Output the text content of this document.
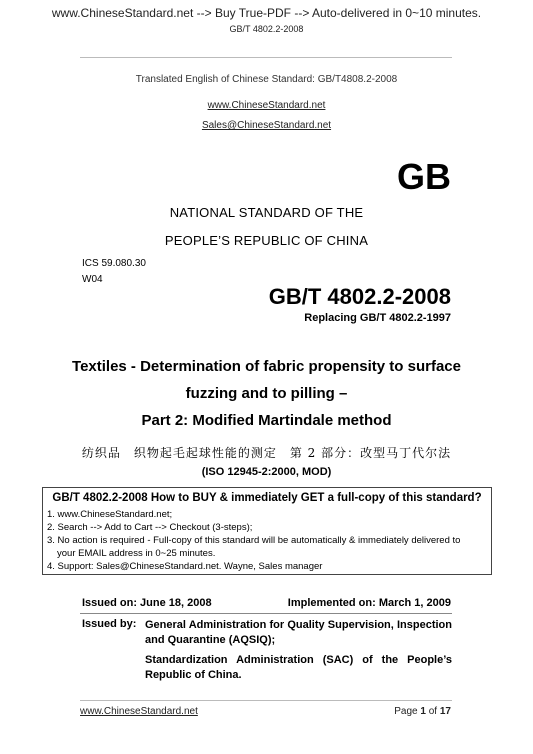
www.ChineseStandard.net --> Buy True-PDF --> Auto-delivered in 0~10 minutes.
GB/T 4802.2-2008
Translated English of Chinese Standard: GB/T4808.2-2008
www.ChineseStandard.net
Sales@ChineseStandard.net
GB
NATIONAL STANDARD OF THE
PEOPLE’S REPUBLIC OF CHINA
ICS 59.080.30
W04
GB/T 4802.2-2008
Replacing GB/T 4802.2-1997
Textiles - Determination of fabric propensity to surface
fuzzing and to pilling –
Part 2: Modified Martindale method
纺织品　织物起毛起球性能的测定　第 2 部分：改型马丁代尔法
(ISO 12945-2:2000, MOD)
GB/T 4802.2-2008 How to BUY & immediately GET a full-copy of this standard?
1. www.ChineseStandard.net;
2. Search --> Add to Cart --> Checkout (3-steps);
3. No action is required - Full-copy of this standard will be automatically & immediately delivered to
your EMAIL address in 0~25 minutes.
4. Support: Sales@ChineseStandard.net. Wayne, Sales manager
Issued on: June 18, 2008	Implemented on: March 1, 2009
Issued by: General Administration for Quality Supervision, Inspection and Quarantine (AQSIQ);
Standardization Administration (SAC) of the People’s Republic of China.
www.ChineseStandard.net	Page 1 of 17
